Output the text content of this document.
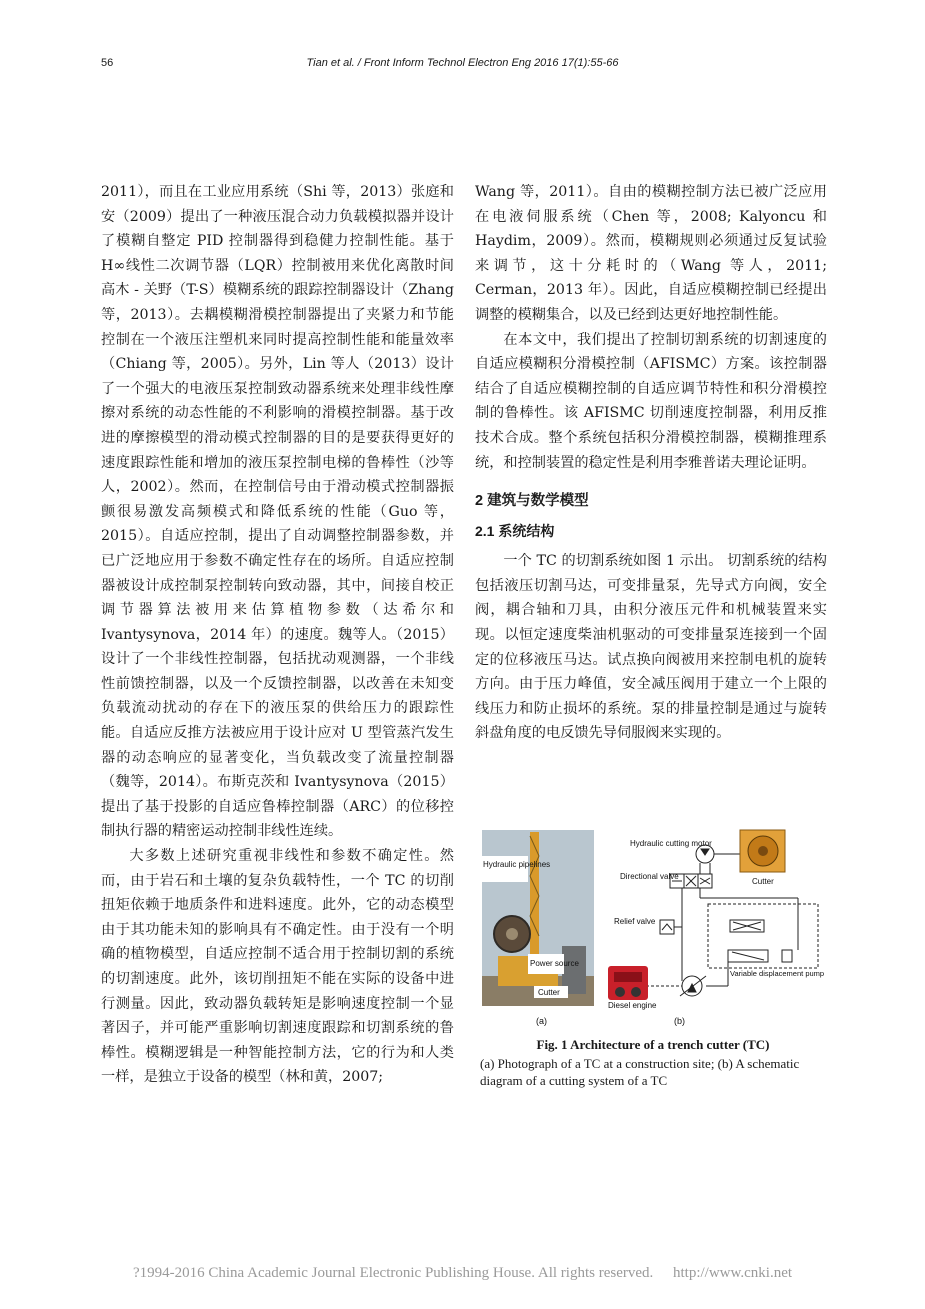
56	Tian et al. / Front Inform Technol Electron Eng 2016 17(1):55-66

2011），而且在工业应用系统（Shi 等，2013）张庭和安（2009）提出了一种液压混合动力负载模拟器并设计了模糊自整定 PID 控制器得到稳健力控制性能。基于 H∞线性二次调节器（LQR）控制被用来优化离散时间高木 - 关野（T-S）模糊系统的跟踪控制器设计（Zhang 等，2013）。去耦模糊滑模控制器提出了夹紧力和节能控制在一个液压注塑机来同时提高控制性能和能量效率（Chiang 等，2005）。另外，Lin 等人（2013）设计了一个强大的电液压泵控制致动器系统来处理非线性摩擦对系统的动态性能的不利影响的滑模控制器。基于改进的摩擦模型的滑动模式控制器的目的是要获得更好的速度跟踪性能和增加的液压泵控制电梯的鲁棒性（沙等人，2002）。然而，在控制信号由于滑动模式控制器振颤很易激发高频模式和降低系统的性能（Guo 等，2015）。自适应控制，提出了自动调整控制器参数，并已广泛地应用于参数不确定性存在的场所。自适应控制器被设计成控制泵控制转向致动器，其中，间接自校正调节器算法被用来估算植物参数（达希尔和 Ivantysynova，2014 年）的速度。魏等人。（2015）设计了一个非线性控制器，包括扰动观测器，一个非线性前馈控制器，以及一个反馈控制器，以改善在未知变负载流动扰动的存在下的液压泵的供给压力的跟踪性能。自适应反推方法被应用于设计应对 U 型管蒸汽发生器的动态响应的显著变化，当负载改变了流量控制器（魏等，2014）。布斯克茨和 Ivantysynova（2015）提出了基于投影的自适应鲁棒控制器（ARC）的位移控制执行器的精密运动控制非线性连续。

大多数上述研究重视非线性和参数不确定性。然而，由于岩石和土壤的复杂负载特性，一个 TC 的切削扭矩依赖于地质条件和进料速度。此外，它的动态模型由于其功能未知的影响具有不确定性。由于没有一个明确的植物模型，自适应控制不适合用于控制切割的系统的切割速度。此外，该切削扭矩不能在实际的设备中进行测量。因此，致动器负载转矩是影响速度控制一个显著因子，并可能严重影响切割速度跟踪和切割系统的鲁棒性。模糊逻辑是一种智能控制方法，它的行为和人类一样，是独立于设备的模型（林和黄，2007;

Wang 等，2011）。自由的模糊控制方法已被广泛应用在电液伺服系统（Chen 等，2008; Kalyoncu 和 Haydim，2009）。然而，模糊规则必须通过反复试验来调节，这十分耗时的（Wang 等人，2011; Cerman，2013 年）。因此，自适应模糊控制已经提出调整的模糊集合，以及已经到达更好地控制性能。

在本文中，我们提出了控制切割系统的切割速度的自适应模糊积分滑模控制（AFISMC）方案。该控制器结合了自适应模糊控制的自适应调节特性和积分滑模控制的鲁棒性。该 AFISMC 切削速度控制器，利用反推技术合成。整个系统包括积分滑模控制器，模糊推理系统，和控制装置的稳定性是利用李雅普诺夫理论证明。

2 建筑与数学模型
2.1 系统结构

一个 TC 的切割系统如图 1 示出。 切割系统的结构包括液压切割马达，可变排量泵，先导式方向阀，安全阀，耦合轴和刀具，由积分液压元件和机械装置来实现。以恒定速度柴油机驱动的可变排量泵连接到一个固定的位移液压马达。试点换向阀被用来控制电机的旋转方向。由于压力峰值，安全减压阀用于建立一个上限的线压力和防止损坏的系统。泵的排量控制是通过与旋转斜盘角度的电反馈先导伺服阀来实现的。

Hydraulic pipelines
Power source
Cutter
(a)
Hydraulic cutting motor
Cutter
Directional valve
Relief valve
Variable displacement pump
Diesel engine
(b)
Fig. 1 Architecture of a trench cutter (TC)
(a) Photograph of a TC at a construction site; (b) A schematic diagram of a cutting system of a TC
?1994-2016 China Academic Journal Electronic Publishing House. All rights reserved. http://www.cnki.net
